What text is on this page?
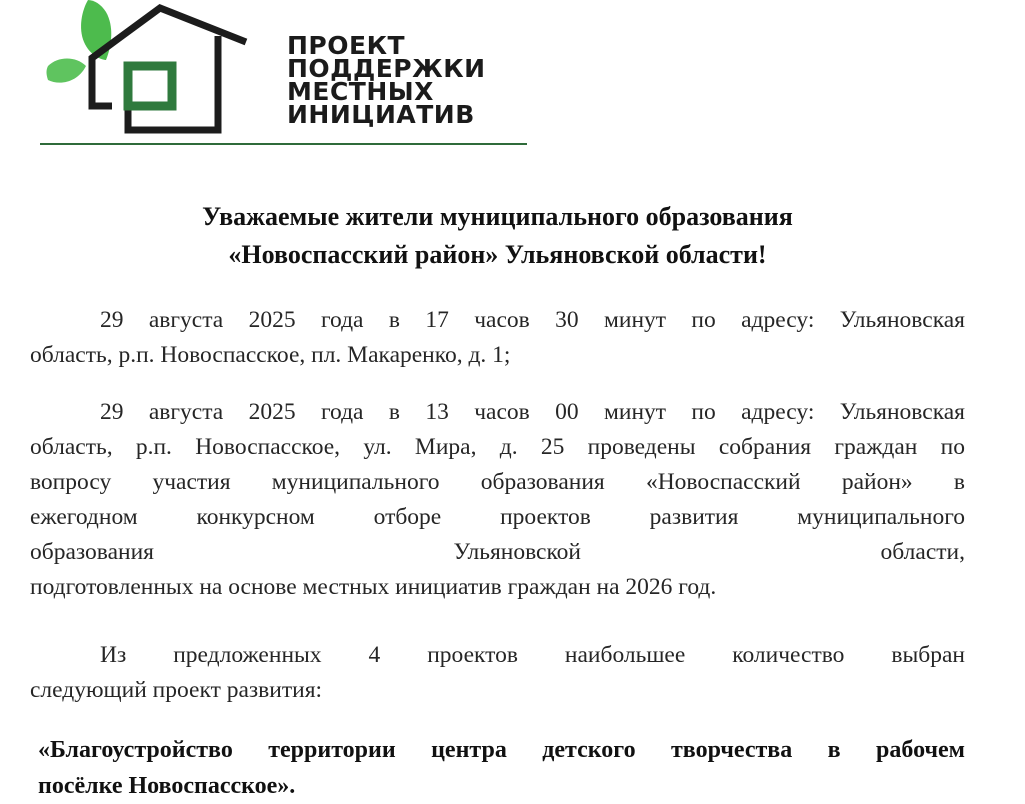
ПРОЕКТ
ПОДДЕРЖКИ
МЕСТНЫХ
ИНИЦИАТИВ
Уважаемые жители муниципального образования
«Новоспасский район» Ульяновской области!

29 августа 2025 года в 17 часов 30 минут по адресу: Ульяновская
область, р.п. Новоспасское, пл. Макаренко, д. 1;

29 августа 2025 года в 13 часов 00 минут по адресу: Ульяновская
область, р.п. Новоспасское, ул. Мира, д. 25 проведены собрания граждан по
вопросу участия муниципального образования «Новоспасский район» в
ежегодном конкурсном отборе проектов развития муниципального
образования Ульяновской области,
подготовленных на основе местных инициатив граждан на 2026 год.

Из предложенных 4 проектов наибольшее количество выбран
следующий проект развития:

«Благоустройство территории центра детского творчества в рабочем
посёлке Новоспасское».
